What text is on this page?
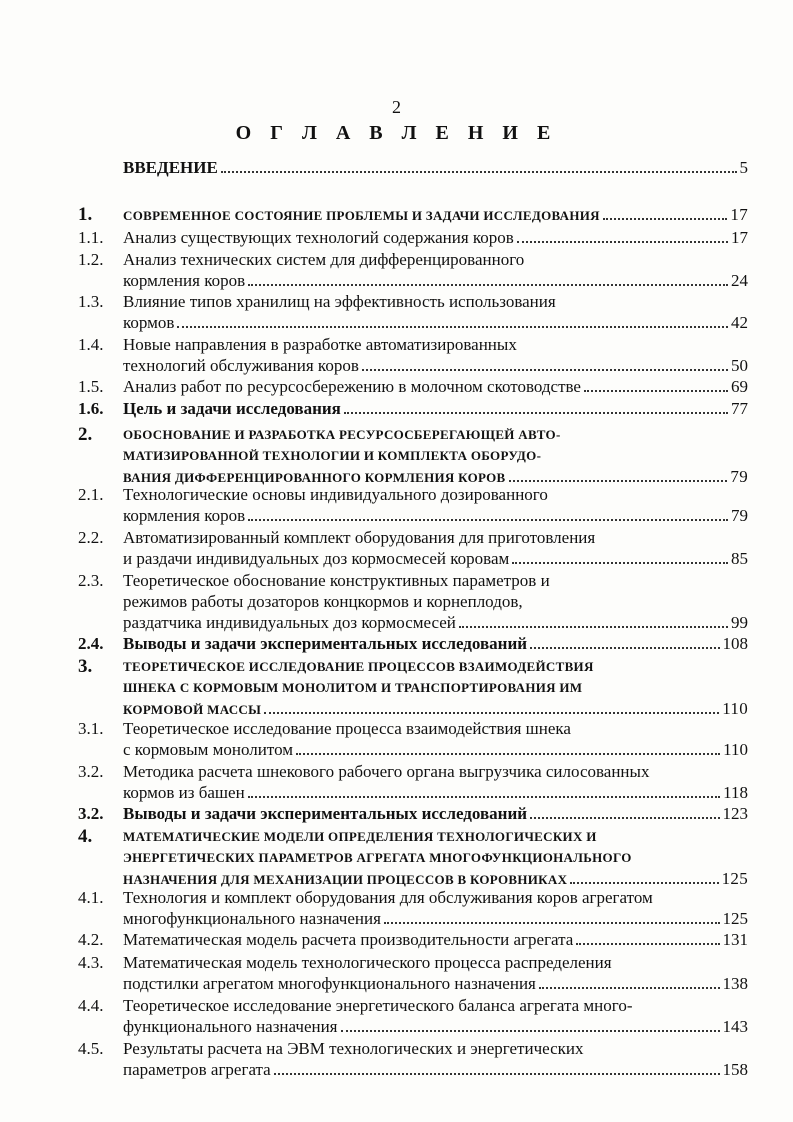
2
О Г Л А В Л Е Н И Е
ВВЕДЕНИЕ	5
1.	СОВРЕМЕННОЕ СОСТОЯНИЕ ПРОБЛЕМЫ И ЗАДАЧИ ИССЛЕДОВАНИЯ	17
1.1.	Анализ существующих технологий содержания коров	17
1.2.	Анализ технических систем для дифференцированного
кормления коров	24
1.3.	Влияние типов хранилищ на эффективность использования
кормов	42
1.4.	Новые направления в разработке автоматизированных
технологий обслуживания коров	50
1.5.	Анализ работ по ресурсосбережению в молочном скотоводстве	69
1.6.	Цель и задачи исследования	77
2.	ОБОСНОВАНИЕ И РАЗРАБОТКА РЕСУРСОСБЕРЕГАЮЩЕЙ АВТО-
МАТИЗИРОВАННОЙ ТЕХНОЛОГИИ И КОМПЛЕКТА ОБОРУДО-
ВАНИЯ ДИФФЕРЕНЦИРОВАННОГО КОРМЛЕНИЯ КОРОВ	79
2.1.	Технологические основы индивидуального дозированного
кормления коров	79
2.2.	Автоматизированный комплект оборудования для приготовления
и раздачи индивидуальных доз кормосмесей коровам	85
2.3.	Теоретическое обоснование конструктивных параметров и
режимов работы дозаторов концкормов и корнеплодов,
раздатчика индивидуальных доз кормосмесей	99
2.4.	Выводы и задачи экспериментальных исследований	108
3.	ТЕОРЕТИЧЕСКОЕ ИССЛЕДОВАНИЕ ПРОЦЕССОВ ВЗАИМОДЕЙСТВИЯ
ШНЕКА С КОРМОВЫМ МОНОЛИТОМ И ТРАНСПОРТИРОВАНИЯ ИМ
КОРМОВОЙ МАССЫ	110
3.1.	Теоретическое исследование процесса взаимодействия шнека
с кормовым монолитом	110
3.2.	Методика расчета шнекового рабочего органа выгрузчика силосованных
кормов из башен	118
3.2.	Выводы и задачи экспериментальных исследований	123
4.	МАТЕМАТИЧЕСКИЕ МОДЕЛИ ОПРЕДЕЛЕНИЯ ТЕХНОЛОГИЧЕСКИХ И
ЭНЕРГЕТИЧЕСКИХ ПАРАМЕТРОВ АГРЕГАТА МНОГОФУНКЦИОНАЛЬНОГО
НАЗНАЧЕНИЯ ДЛЯ МЕХАНИЗАЦИИ ПРОЦЕССОВ В КОРОВНИКАХ	125
4.1.	Технология и комплект оборудования для обслуживания коров агрегатом
многофункционального назначения	125
4.2.	Математическая модель расчета производительности агрегата	131
4.3.	Математическая модель технологического процесса распределения
подстилки агрегатом многофункционального назначения	138
4.4.	Теоретическое исследование энергетического баланса агрегата много-
функционального назначения	143
4.5.	Результаты расчета на ЭВМ технологических и энергетических
параметров агрегата	158
